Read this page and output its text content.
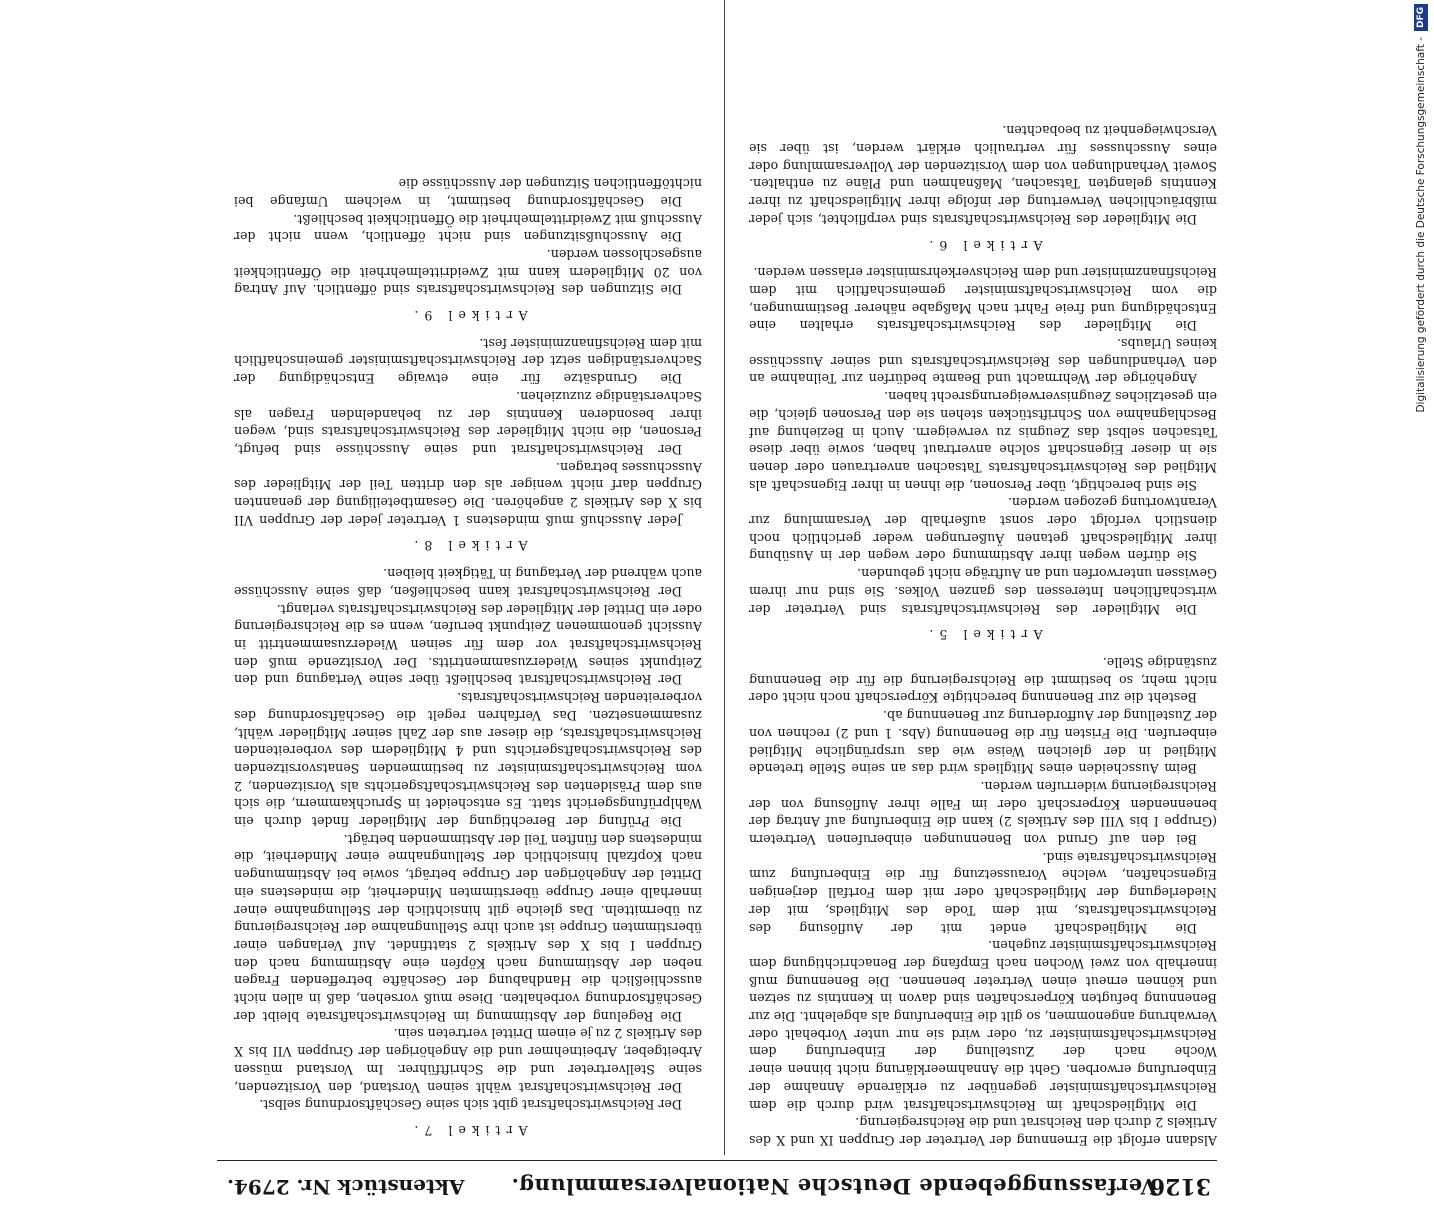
3126
Verfassunggebende Deutsche Nationalversammlung.
Aktenstück Nr. 2794.

Alsdann erfolgt die Ernennung der Vertreter der Gruppen IX und X des Artikels 2 durch den Reichsrat und die Reichsregierung.

Die Mitgliedschaft im Reichswirtschaftsrat wird durch die dem Reichswirtschaftsminister gegenüber zu erklärende Annahme der Einberufung erworben. Geht die Annahmeerklärung nicht binnen einer Woche nach der Zustellung der Einberufung dem Reichswirtschaftsminister zu, oder wird sie nur unter Vorbehalt oder Verwahrung angenommen, so gilt die Einberufung als abgelehnt. Die zur Benennung befugten Körperschaften sind davon in Kenntnis zu setzen und können erneut einen Vertreter benennen. Die Benennung muß innerhalb von zwei Wochen nach Empfang der Benachrichtigung dem Reichswirtschaftsminister zugehen.

Die Mitgliedschaft endet mit der Auflösung des Reichswirtschaftsrats, mit dem Tode des Mitglieds, mit der Niederlegung der Mitgliedschaft oder mit dem Fortfall derjenigen Eigenschaften, welche Voraussetzung für die Einberufung zum Reichswirtschaftsrate sind.

Bei den auf Grund von Benennungen einberufenen Vertretern (Gruppe I bis VIII des Artikels 2) kann die Einberufung auf Antrag der benennenden Körperschaft oder im Falle ihrer Auflösung von der Reichsregierung widerrufen werden.

Beim Ausscheiden eines Mitglieds wird das an seine Stelle tretende Mitglied in der gleichen Weise wie das ursprüngliche Mitglied einberufen. Die Fristen für die Benennung (Abs. 1 und 2) rechnen von der Zustellung der Aufforderung zur Benennung ab.

Besteht die zur Benennung berechtigte Körperschaft noch nicht oder nicht mehr, so bestimmt die Reichsregierung die für die Benennung zuständige Stelle.

Artikel 5.

Die Mitglieder des Reichswirtschaftsrats sind Vertreter der wirtschaftlichen Interessen des ganzen Volkes. Sie sind nur ihrem Gewissen unterworfen und an Aufträge nicht gebunden.

Sie dürfen wegen ihrer Abstimmung oder wegen der in Ausübung ihrer Mitgliedschaft getanen Äußerungen weder gerichtlich noch dienstlich verfolgt oder sonst außerhalb der Versammlung zur Verantwortung gezogen werden.

Sie sind berechtigt, über Personen, die ihnen in ihrer Eigenschaft als Mitglied des Reichswirtschaftsrats Tatsachen anvertrauen oder denen sie in dieser Eigenschaft solche anvertraut haben, sowie über diese Tatsachen selbst das Zeugnis zu verweigern. Auch in Beziehung auf Beschlagnahme von Schriftstücken stehen sie den Personen gleich, die ein gesetzliches Zeugnisverweigerungsrecht haben.

Angehörige der Wehrmacht und Beamte bedürfen zur Teilnahme an den Verhandlungen des Reichswirtschaftsrats und seiner Ausschüsse keines Urlaubs.

Die Mitglieder des Reichswirtschaftsrats erhalten eine Entschädigung und freie Fahrt nach Maßgabe näherer Bestimmungen, die vom Reichswirtschaftsminister gemeinschaftlich mit dem Reichsfinanzminister und dem Reichsverkehrsminister erlassen werden.

Artikel 6.

Die Mitglieder des Reichswirtschaftsrats sind verpflichtet, sich jeder mißbräuchlichen Verwertung der infolge ihrer Mitgliedschaft zu ihrer Kenntnis gelangten Tatsachen, Maßnahmen und Pläne zu enthalten. Soweit Verhandlungen von dem Vorsitzenden der Vollversammlung oder eines Ausschusses für vertraulich erklärt werden, ist über sie Verschwiegenheit zu beobachten.

Artikel 7.

Der Reichswirtschaftsrat gibt sich seine Geschäftsordnung selbst.

Der Reichswirtschaftsrat wählt seinen Vorstand, den Vorsitzenden, seine Stellvertreter und die Schriftführer. Im Vorstand müssen Arbeitgeber, Arbeitnehmer und die Angehörigen der Gruppen VII bis X des Artikels 2 zu je einem Drittel vertreten sein.

Die Regelung der Abstimmung im Reichswirtschaftsrate bleibt der Geschäftsordnung vorbehalten. Diese muß vorsehen, daß in allen nicht ausschließlich die Handhabung der Geschäfte betreffenden Fragen neben der Abstimmung nach Köpfen eine Abstimmung nach den Gruppen I bis X des Artikels 2 stattfindet. Auf Verlangen einer überstimmten Gruppe ist auch ihre Stellungnahme der Reichsregierung zu übermitteln. Das gleiche gilt hinsichtlich der Stellungnahme einer innerhalb einer Gruppe überstimmten Minderheit, die mindestens ein Drittel der Angehörigen der Gruppe beträgt, sowie bei Abstimmungen nach Kopfzahl hinsichtlich der Stellungnahme einer Minderheit, die mindestens den fünften Teil der Abstimmenden beträgt.

Die Prüfung der Berechtigung der Mitglieder findet durch ein Wahlprüfungsgericht statt. Es entscheidet in Spruchkammern, die sich aus dem Präsidenten des Reichswirtschaftsgerichts als Vorsitzenden, 2 vom Reichswirtschaftsminister zu bestimmenden Senatsvorsitzenden des Reichswirtschaftsgerichts und 4 Mitgliedern des vorbereitenden Reichswirtschaftsrats, die dieser aus der Zahl seiner Mitglieder wählt, zusammensetzen. Das Verfahren regelt die Geschäftsordnung des vorbereitenden Reichswirtschaftsrats.

Der Reichswirtschaftsrat beschließt über seine Vertagung und den Zeitpunkt seines Wiederzusammentritts. Der Vorsitzende muß den Reichswirtschaftsrat vor dem für seinen Wiederzusammentritt in Aussicht genommenen Zeitpunkt berufen, wenn es die Reichsregierung oder ein Drittel der Mitglieder des Reichswirtschaftsrats verlangt.

Der Reichswirtschaftsrat kann beschließen, daß seine Ausschüsse auch während der Vertagung in Tätigkeit bleiben.

Artikel 8.

Jeder Ausschuß muß mindestens 1 Vertreter jeder der Gruppen VII bis X des Artikels 2 angehören. Die Gesamtbeteiligung der genannten Gruppen darf nicht weniger als den dritten Teil der Mitglieder des Ausschusses betragen.

Der Reichswirtschaftsrat und seine Ausschüsse sind befugt, Personen, die nicht Mitglieder des Reichswirtschaftsrats sind, wegen ihrer besonderen Kenntnis der zu behandelnden Fragen als Sachverständige zuzuziehen.

Die Grundsätze für eine etwaige Entschädigung der Sachverständigen setzt der Reichswirtschaftsminister gemeinschaftlich mit dem Reichsfinanzminister fest.

Artikel 9.

Die Sitzungen des Reichswirtschaftsrats sind öffentlich. Auf Antrag von 20 Mitgliedern kann mit Zweidrittelmehrheit die Öffentlichkeit ausgeschlossen werden.

Die Ausschußsitzungen sind nicht öffentlich, wenn nicht der Ausschuß mit Zweidrittelmehrheit die Öffentlichkeit beschließt.

Die Geschäftsordnung bestimmt, in welchem Umfange bei nichtöffentlichen Sitzungen der Ausschüsse die	Digitalisierung gefördert durch die Deutsche Forschungsgemeinschaft -
DFG
